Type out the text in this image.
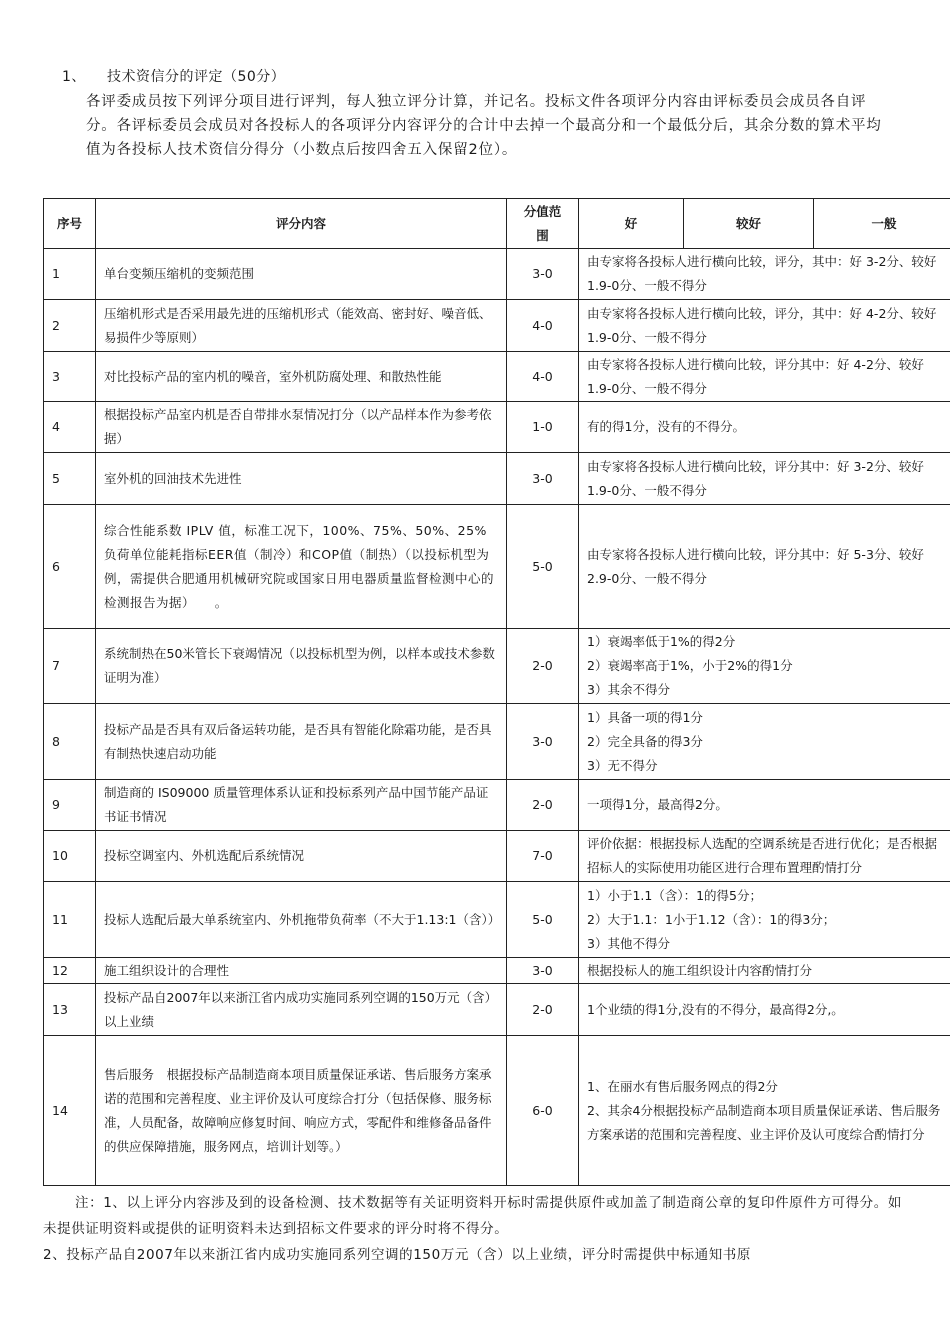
1、 技术资信分的评定（50分）
各评委成员按下列评分项目进行评判，每人独立评分计算，并记名。投标文件各项评分内容由评标委员会成员各自评分。各评标委员会成员对各投标人的各项评分内容评分的合计中去掉一个最高分和一个最低分后，其余分数的算术平均值为各投标人技术资信分得分（小数点后按四舍五入保留2位）。
序号	评分内容	分值范围	好	较好	一般
1	单台变频压缩机的变频范围	3-0	由专家将各投标人进行横向比较，评分，其中：好 3-2分、较好 1.9-0分、一般不得分		

2	压缩机形式是否采用最先进的压缩机形式（能效高、密封好、噪音低、易损件少等原则）	4-0	由专家将各投标人进行横向比较，评分，其中：好 4-2分、较好 1.9-0分、一般不得分		

3	对比投标产品的室内机的噪音，室外机防腐处理、和散热性能	4-0	由专家将各投标人进行横向比较，评分其中：好 4-2分、较好 1.9-0分、一般不得分		

4	根据投标产品室内机是否自带排水泵情况打分（以产品样本作为参考依据）	1-0	有的得1分，没有的不得分。		

5	室外机的回油技术先进性	3-0	由专家将各投标人进行横向比较，评分其中：好 3-2分、较好 1.9-0分、一般不得分		

6	综合性能系数 IPLV 值，标准工况下，100%、75%、50%、25%负荷单位能耗指标EER值（制冷）和COP值（制热）（以投标机型为例，需提供合肥通用机械研究院或国家日用电器质量监督检测中心的检测报告为据）　　。	5-0	由专家将各投标人进行横向比较，评分其中：好 5-3分、较好 2.9-0分、一般不得分		

7	系统制热在50米管长下衰竭情况（以投标机型为例，以样本或技术参数证明为准）	2-0	1）衰竭率低于1%的得2分
2）衰竭率高于1%，小于2%的得1分
3）其余不得分		

8	投标产品是否具有双后备运转功能，是否具有智能化除霜功能，是否具有制热快速启动功能	3-0	1）具备一项的得1分
2）完全具备的得3分
3）无不得分		

9	制造商的 IS09000 质量管理体系认证和投标系列产品中国节能产品证书证书情况	2-0	一项得1分，最高得2分。		

10	投标空调室内、外机选配后系统情况	7-0	评价依据：根据投标人选配的空调系统是否进行优化；是否根据招标人的实际使用功能区进行合理布置理酌情打分		

11	投标人选配后最大单系统室内、外机拖带负荷率（不大于1.13:1（含））	5-0	1）小于1.1（含）：1的得5分；
2）大于1.1：1小于1.12（含）：1的得3分；
3）其他不得分		

12	施工组织设计的合理性	3-0	根据投标人的施工组织设计内容酌情打分		

13	投标产品自2007年以来浙江省内成功实施同系列空调的150万元（含）以上业绩	2-0	1个业绩的得1分,没有的不得分，最高得2分,。		

14	售后服务　根据投标产品制造商本项目质量保证承诺、售后服务方案承诺的范围和完善程度、业主评价及认可度综合打分（包括保修、服务标准，人员配备，故障响应修复时间、响应方式，零配件和维修备品备件的供应保障措施，服务网点，培训计划等。）	6-0	1、在丽水有售后服务网点的得2分
2、其余4分根据投标产品制造商本项目质量保证承诺、售后服务方案承诺的范围和完善程度、业主评价及认可度综合酌情打分		
注：1、以上评分内容涉及到的设备检测、技术数据等有关证明资料开标时需提供原件或加盖了制造商公章的复印件原件方可得分。如未提供证明资料或提供的证明资料未达到招标文件要求的评分时将不得分。
2、投标产品自2007年以来浙江省内成功实施同系列空调的150万元（含）以上业绩，评分时需提供中标通知书原
